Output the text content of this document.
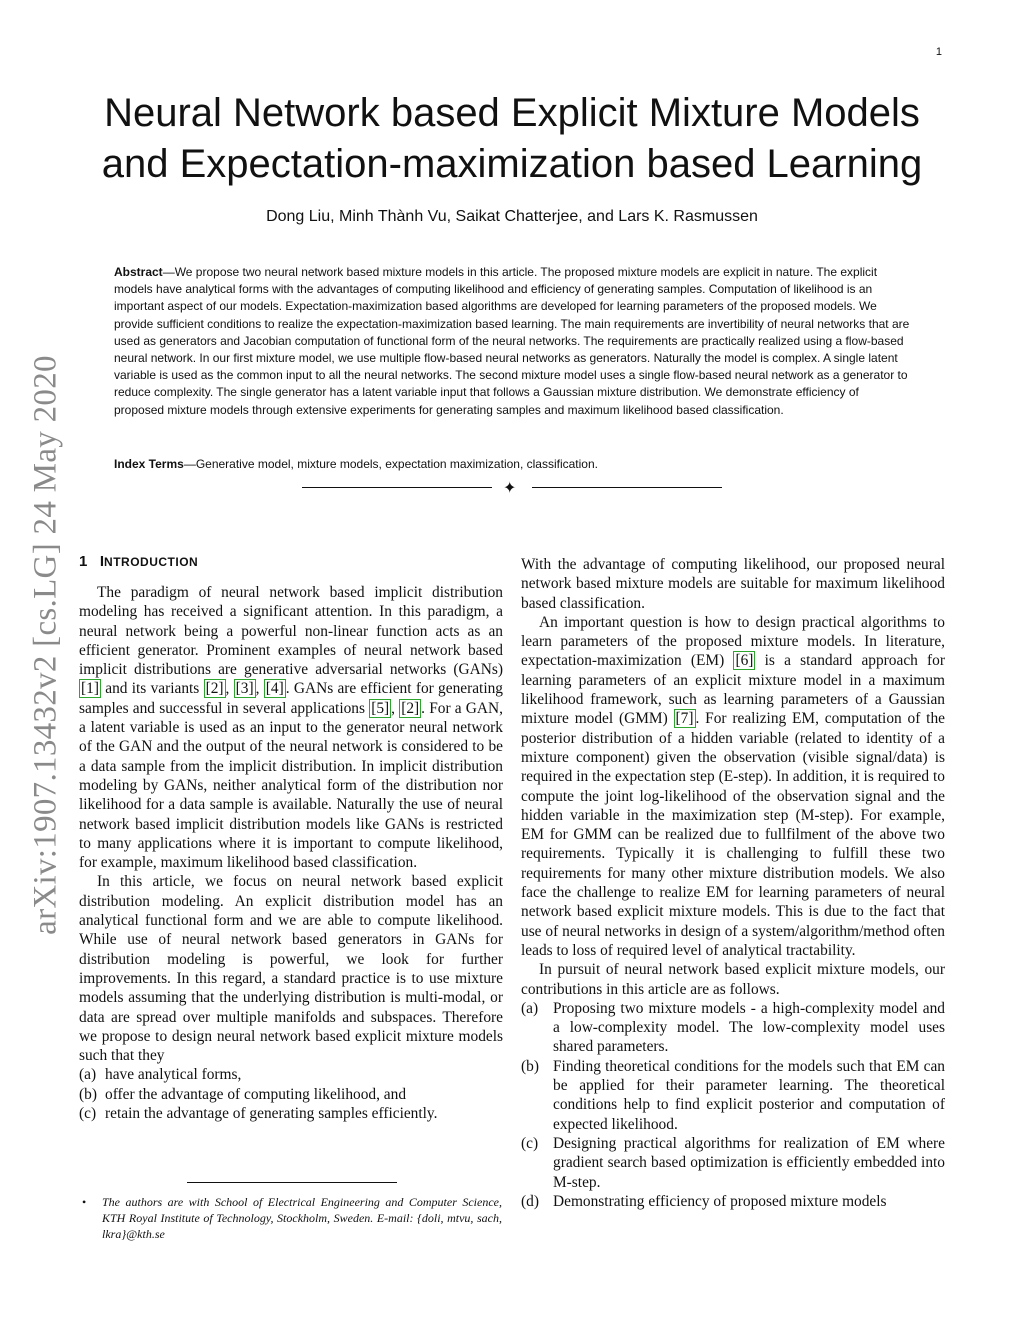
1
arXiv:1907.13432v2 [cs.LG] 24 May 2020
Neural Network based Explicit Mixture Models
and Expectation-maximization based Learning
Dong Liu, Minh Thành Vu, Saikat Chatterjee, and Lars K. Rasmussen

Abstract—We propose two neural network based mixture models in this article. The proposed mixture models are explicit in nature. The explicit models have analytical forms with the advantages of computing likelihood and efficiency of generating samples. Computation of likelihood is an important aspect of our models. Expectation-maximization based algorithms are developed for learning parameters of the proposed models. We provide sufficient conditions to realize the expectation-maximization based learning. The main requirements are invertibility of neural networks that are used as generators and Jacobian computation of functional form of the neural networks. The requirements are practically realized using a flow-based neural network. In our first mixture model, we use multiple flow-based neural networks as generators. Naturally the model is complex. A single latent variable is used as the common input to all the neural networks. The second mixture model uses a single flow-based neural network as a generator to reduce complexity. The single generator has a latent variable input that follows a Gaussian mixture distribution. We demonstrate efficiency of proposed mixture models through extensive experiments for generating samples and maximum likelihood based classification.

Index Terms—Generative model, mixture models, expectation maximization, classification.

✦
1 INTRODUCTION

The paradigm of neural network based implicit distribution modeling has received a significant attention. In this paradigm, a neural network being a powerful non-linear function acts as an efficient generator. Prominent examples of neural network based implicit distributions are generative adversarial networks (GANs) [1] and its variants [2] , [3] , [4] . GANs are efficient for generating samples and successful in several applications [5] , [2] . For a GAN, a latent variable is used as an input to the generator neural network of the GAN and the output of the neural network is considered to be a data sample from the implicit distribution. In implicit distribution modeling by GANs, neither analytical form of the distribution nor likelihood for a data sample is available. Naturally the use of neural network based implicit distribution models like GANs is restricted to many applications where it is important to compute likelihood, for example, maximum likelihood based classification.

In this article, we focus on neural network based explicit distribution modeling. An explicit distribution model has an analytical functional form and we are able to compute likelihood. While use of neural network based generators in GANs for distribution modeling is powerful, we look for further improvements. In this regard, a standard practice is to use mixture models assuming that the underlying distribution is multi-modal, or data are spread over multiple manifolds and subspaces. Therefore we propose to design neural network based explicit mixture models such that they

(a) have analytical forms,
(b) offer the advantage of computing likelihood, and
(c) retain the advantage of generating samples efficiently.
•	The authors are with School of Electrical Engineering and Computer Science, KTH Royal Institute of Technology, Stockholm, Sweden. E-mail: {doli, mtvu, sach, lkra}@kth.se

With the advantage of computing likelihood, our proposed neural network based mixture models are suitable for maximum likelihood based classification.

An important question is how to design practical algorithms to learn parameters of the proposed mixture models. In literature, expectation-maximization (EM) [6] is a standard approach for learning parameters of an explicit mixture model in a maximum likelihood framework, such as learning parameters of a Gaussian mixture model (GMM) [7] . For realizing EM, computation of the posterior distribution of a hidden variable (related to identity of a mixture component) given the observation (visible signal/data) is required in the expectation step (E-step). In addition, it is required to compute the joint log-likelihood of the observation signal and the hidden variable in the maximization step (M-step). For example, EM for GMM can be realized due to fullfilment of the above two requirements. Typically it is challenging to fulfill these two requirements for many other mixture distribution models. We also face the challenge to realize EM for learning parameters of neural network based explicit mixture models. This is due to the fact that use of neural networks in design of a system/algorithm/method often leads to loss of required level of analytical tractability.

In pursuit of neural network based explicit mixture models, our contributions in this article are as follows.

(a) Proposing two mixture models - a high-complexity model and a low-complexity model. The low-complexity model uses shared parameters.
(b) Finding theoretical conditions for the models such that EM can be applied for their parameter learning. The theoretical conditions help to find explicit posterior and computation of expected likelihood.
(c) Designing practical algorithms for realization of EM where gradient search based optimization is efficiently embedded into M-step.
(d) Demonstrating efficiency of proposed mixture models
